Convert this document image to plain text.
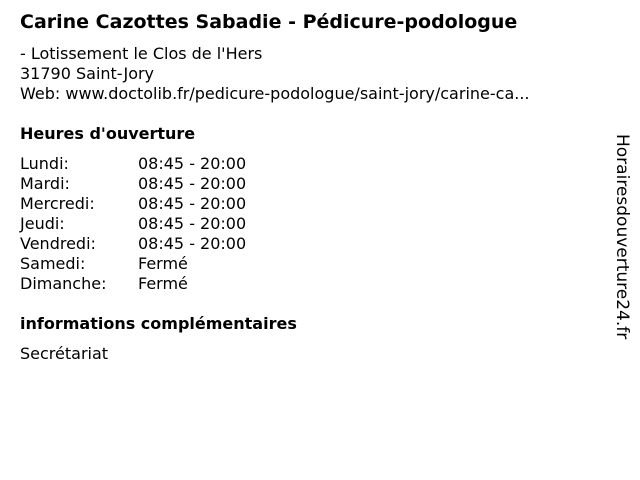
Carine Cazottes Sabadie - Pédicure-podologue
- Lotissement le Clos de l'Hers
31790 Saint-Jory
Web: www.doctolib.fr/pedicure-podologue/saint-jory/carine-ca...
Heures d'ouverture
Lundi:	08:45 - 20:00
Mardi:	08:45 - 20:00
Mercredi:	08:45 - 20:00
Jeudi:	08:45 - 20:00
Vendredi:	08:45 - 20:00
Samedi:	Fermé
Dimanche: Fermé
informations complémentaires
Secrétariat
Horairesdouverture24.fr
